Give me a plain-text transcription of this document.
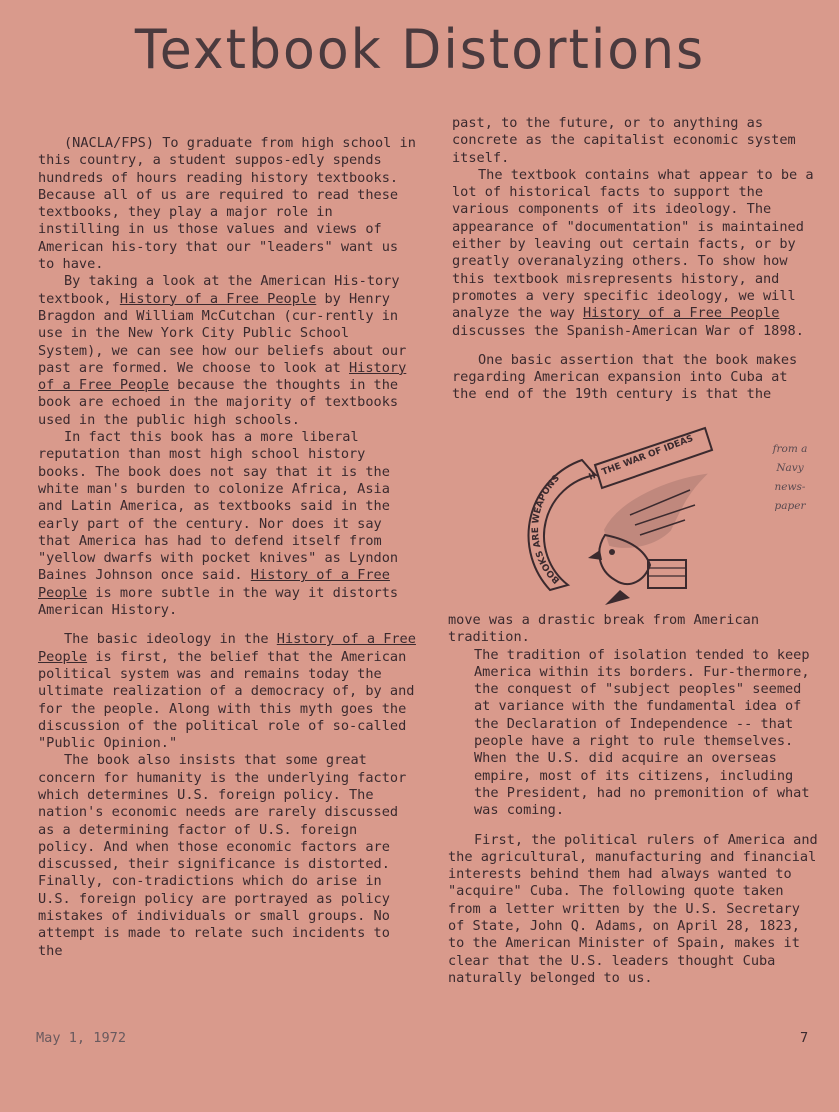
Textbook Distortions

(NACLA/FPS) To graduate from high school in this country, a student suppos-edly spends hundreds of hours reading history textbooks. Because all of us are required to read these textbooks, they play a major role in instilling in us those values and views of American his-tory that our "leaders" want us to have.

By taking a look at the American His-tory textbook, History of a Free People by Henry Bragdon and William McCutchan (cur-rently in use in the New York City Public School System), we can see how our beliefs about our past are formed. We choose to look at History of a Free People because the thoughts in the book are echoed in the majority of textbooks used in the public high schools.

In fact this book has a more liberal reputation than most high school history books. The book does not say that it is the white man's burden to colonize Africa, Asia and Latin America, as textbooks said in the early part of the century. Nor does it say that America has had to defend itself from "yellow dwarfs with pocket knives" as Lyndon Baines Johnson once said. History of a Free People is more subtle in the way it distorts American History.

The basic ideology in the History of a Free People is first, the belief that the American political system was and remains today the ultimate realization of a democracy of, by and for the people. Along with this myth goes the discussion of the political role of so-called "Public Opinion."

The book also insists that some great concern for humanity is the underlying factor which determines U.S. foreign policy. The nation's economic needs are rarely discussed as a determining factor of U.S. foreign policy. And when those economic factors are discussed, their significance is distorted. Finally, con-tradictions which do arise in U.S. foreign policy are portrayed as policy mistakes of individuals or small groups. No attempt is made to relate such incidents to the

past, to the future, or to anything as concrete as the capitalist economic system itself.

The textbook contains what appear to be a lot of historical facts to support the various components of its ideology. The appearance of "documentation" is maintained either by leaving out certain facts, or by greatly overanalyzing others. To show how this textbook misrepresents history, and promotes a very specific ideology, we will analyze the way History of a Free People discusses the Spanish-American War of 1898.

One basic assertion that the book makes regarding American expansion into Cuba at the end of the 19th century is that the

IN THE WAR OF IDEAS
BOOKS ARE WEAPONS
from a Navy news-paper

move was a drastic break from American tradition.

The tradition of isolation tended to keep America within its borders. Fur-thermore, the conquest of "subject peoples" seemed at variance with the fundamental idea of the Declaration of Independence -- that people have a right to rule themselves. When the U.S. did acquire an overseas empire, most of its citizens, including the President, had no premonition of what was coming.

First, the political rulers of America and the agricultural, manufacturing and financial interests behind them had always wanted to "acquire" Cuba. The following quote taken from a letter written by the U.S. Secretary of State, John Q. Adams, on April 28, 1823, to the American Minister of Spain, makes it clear that the U.S. leaders thought Cuba naturally belonged to us.

May 1, 1972	7
